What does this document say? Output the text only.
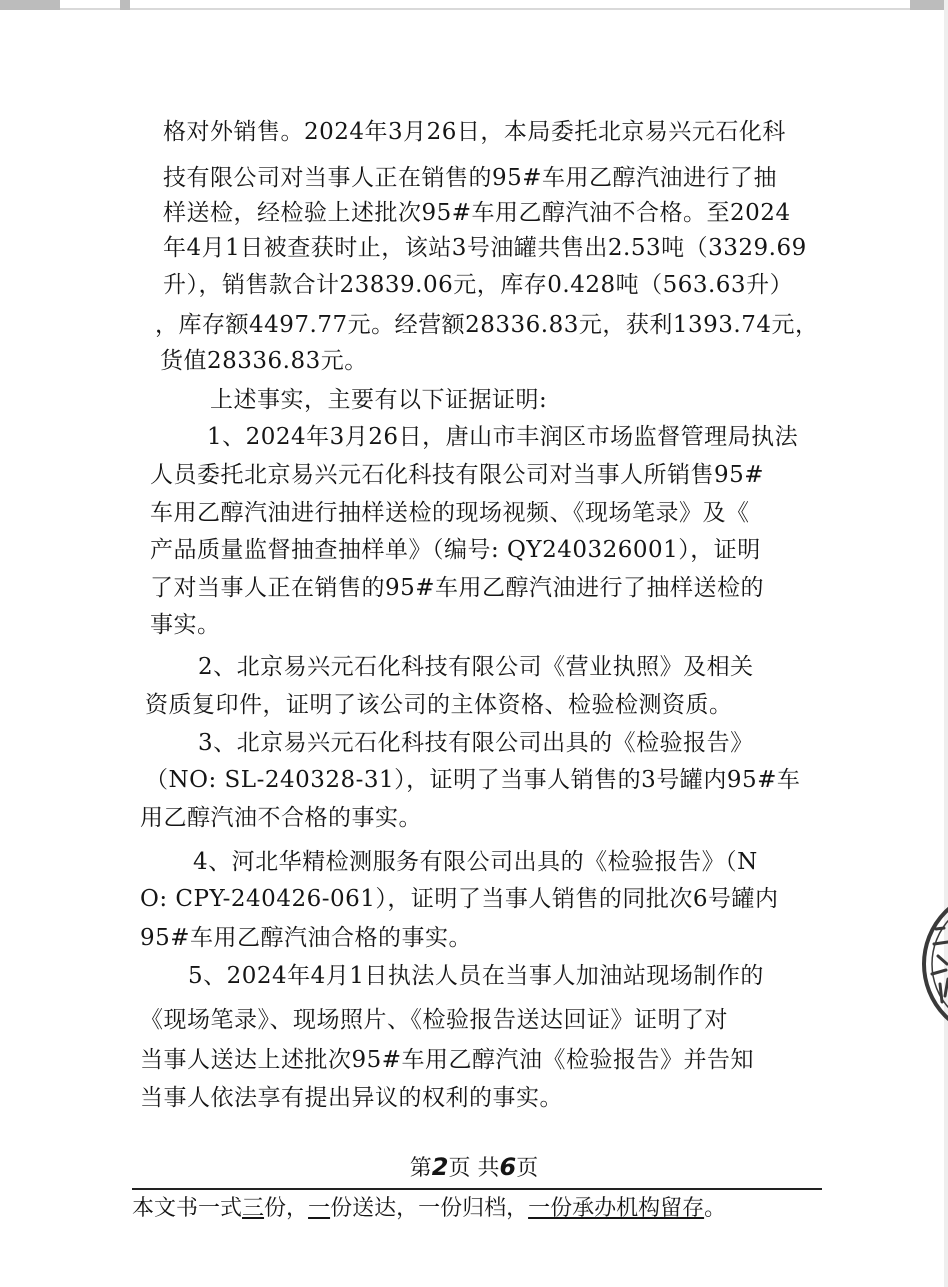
格对外销售。2024年3月26日，本局委托北京易兴元石化科
技有限公司对当事人正在销售的95#车用乙醇汽油进行了抽
样送检，经检验上述批次95#车用乙醇汽油不合格。至2024
年4月1日被查获时止，该站3号油罐共售出2.53吨（3329.69
升），销售款合计23839.06元，库存0.428吨（563.63升）
，库存额4497.77元。经营额28336.83元，获利1393.74元，
货值28336.83元。
上述事实，主要有以下证据证明:
1、2024年3月26日，唐山市丰润区市场监督管理局执法
人员委托北京易兴元石化科技有限公司对当事人所销售95#
车用乙醇汽油进行抽样送检的现场视频、《现场笔录》及《
产品质量监督抽查抽样单》（编号: QY240326001），证明
了对当事人正在销售的95#车用乙醇汽油进行了抽样送检的
事实。
2、北京易兴元石化科技有限公司《营业执照》及相关
资质复印件，证明了该公司的主体资格、检验检测资质。
3、北京易兴元石化科技有限公司出具的《检验报告》
（NO: SL-240328-31），证明了当事人销售的3号罐内95#车
用乙醇汽油不合格的事实。
4、河北华精检测服务有限公司出具的《检验报告》（N
O: CPY-240426-061），证明了当事人销售的同批次6号罐内
95#车用乙醇汽油合格的事实。
5、2024年4月1日执法人员在当事人加油站现场制作的
《现场笔录》、现场照片、《检验报告送达回证》证明了对
当事人送达上述批次95#车用乙醇汽油《检验报告》并告知
当事人依法享有提出异议的权利的事实。
第2页 共6页
本文书一式三份，一份送达，一份归档，一份承办机构留存。
